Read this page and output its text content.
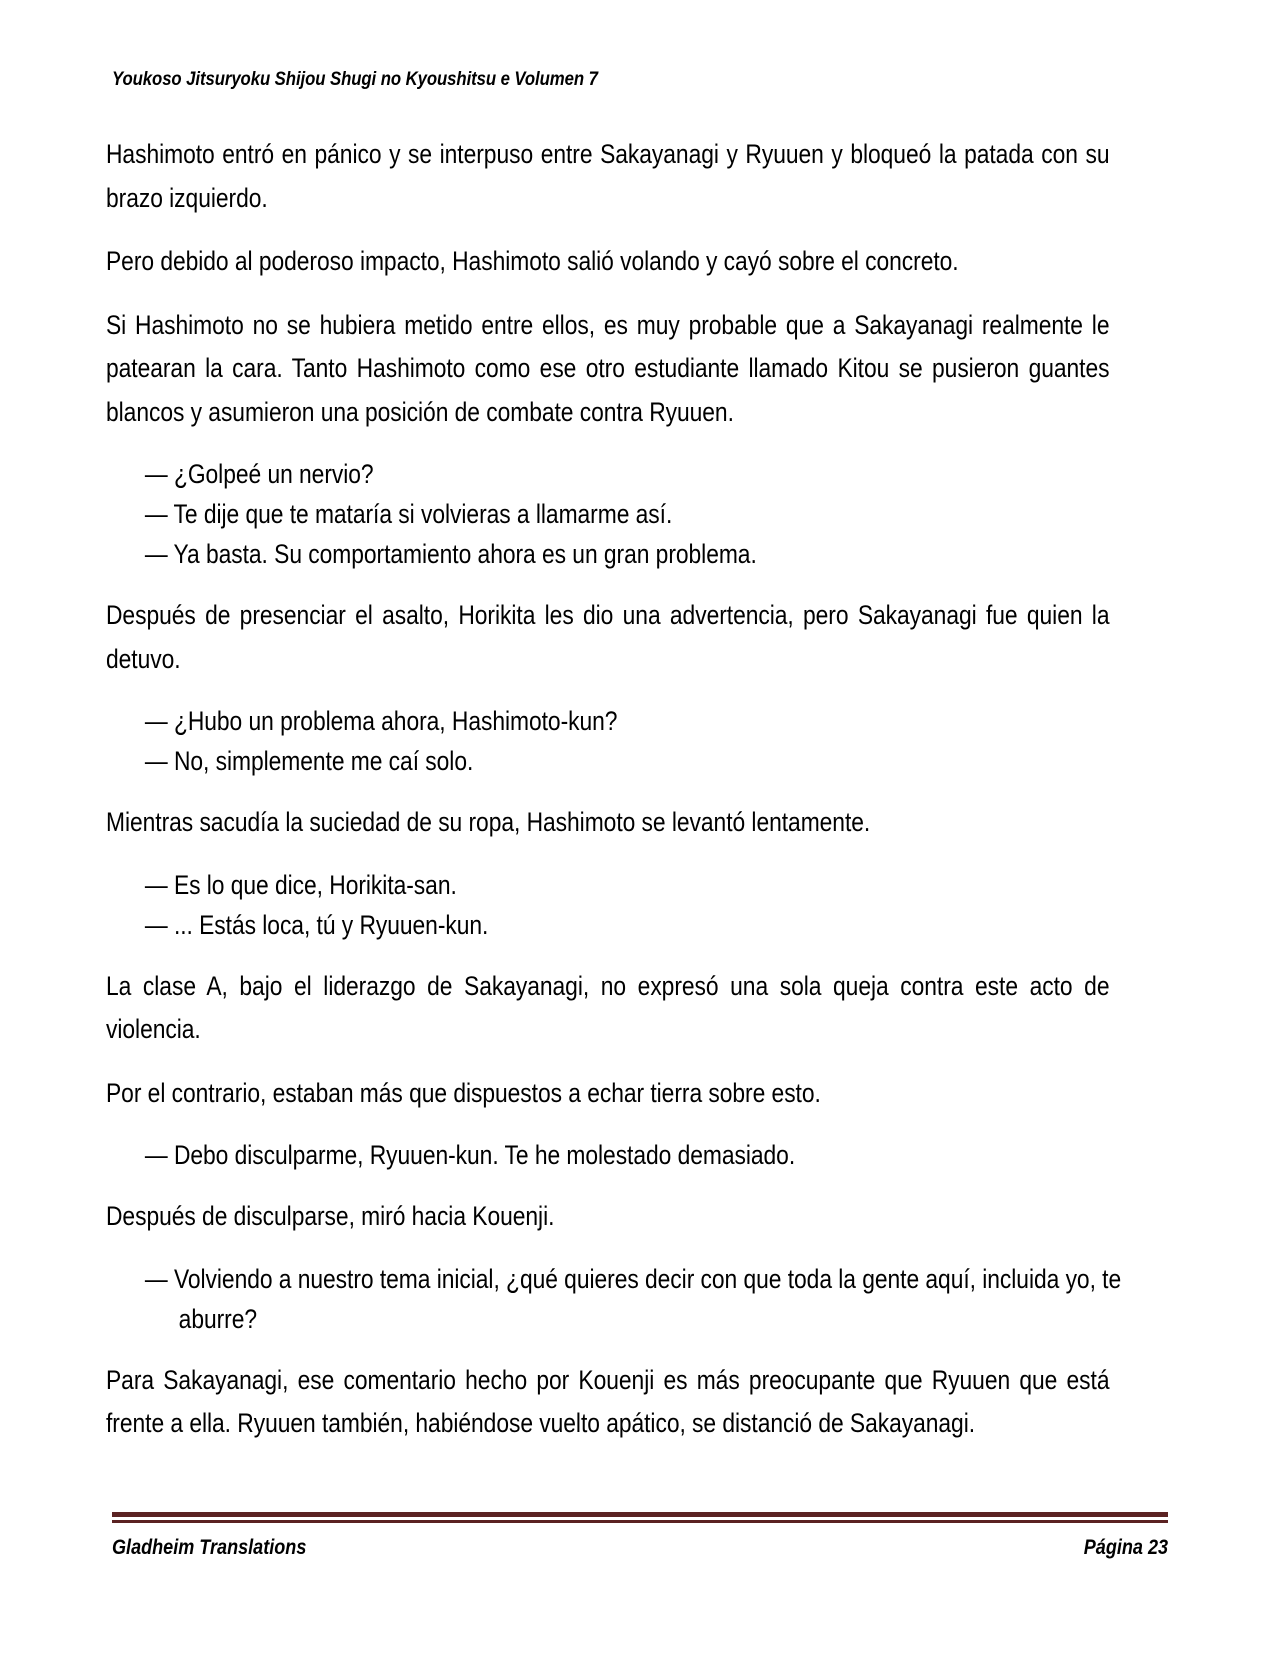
Youkoso Jitsuryoku Shijou Shugi no Kyoushitsu e Volumen 7

Hashimoto entró en pánico y se interpuso entre Sakayanagi y Ryuuen y bloqueó la patada con su brazo izquierdo.

Pero debido al poderoso impacto, Hashimoto salió volando y cayó sobre el concreto.

Si Hashimoto no se hubiera metido entre ellos, es muy probable que a Sakayanagi realmente le patearan la cara. Tanto Hashimoto como ese otro estudiante llamado Kitou se pusieron guantes blancos y asumieron una posición de combate contra Ryuuen.

— ¿Golpeé un nervio?

— Te dije que te mataría si volvieras a llamarme así.

— Ya basta. Su comportamiento ahora es un gran problema.

Después de presenciar el asalto, Horikita les dio una advertencia, pero Sakayanagi fue quien la detuvo.

— ¿Hubo un problema ahora, Hashimoto-kun?

— No, simplemente me caí solo.

Mientras sacudía la suciedad de su ropa, Hashimoto se levantó lentamente.

— Es lo que dice, Horikita-san.

— ... Estás loca, tú y Ryuuen-kun.

La clase A, bajo el liderazgo de Sakayanagi, no expresó una sola queja contra este acto de violencia.

Por el contrario, estaban más que dispuestos a echar tierra sobre esto.

— Debo disculparme, Ryuuen-kun. Te he molestado demasiado.

Después de disculparse, miró hacia Kouenji.

— Volviendo a nuestro tema inicial, ¿qué quieres decir con que toda la gente aquí, incluida yo, te aburre?

Para Sakayanagi, ese comentario hecho por Kouenji es más preocupante que Ryuuen que está frente a ella. Ryuuen también, habiéndose vuelto apático, se distanció de Sakayanagi.

Gladheim Translations	Página 23
